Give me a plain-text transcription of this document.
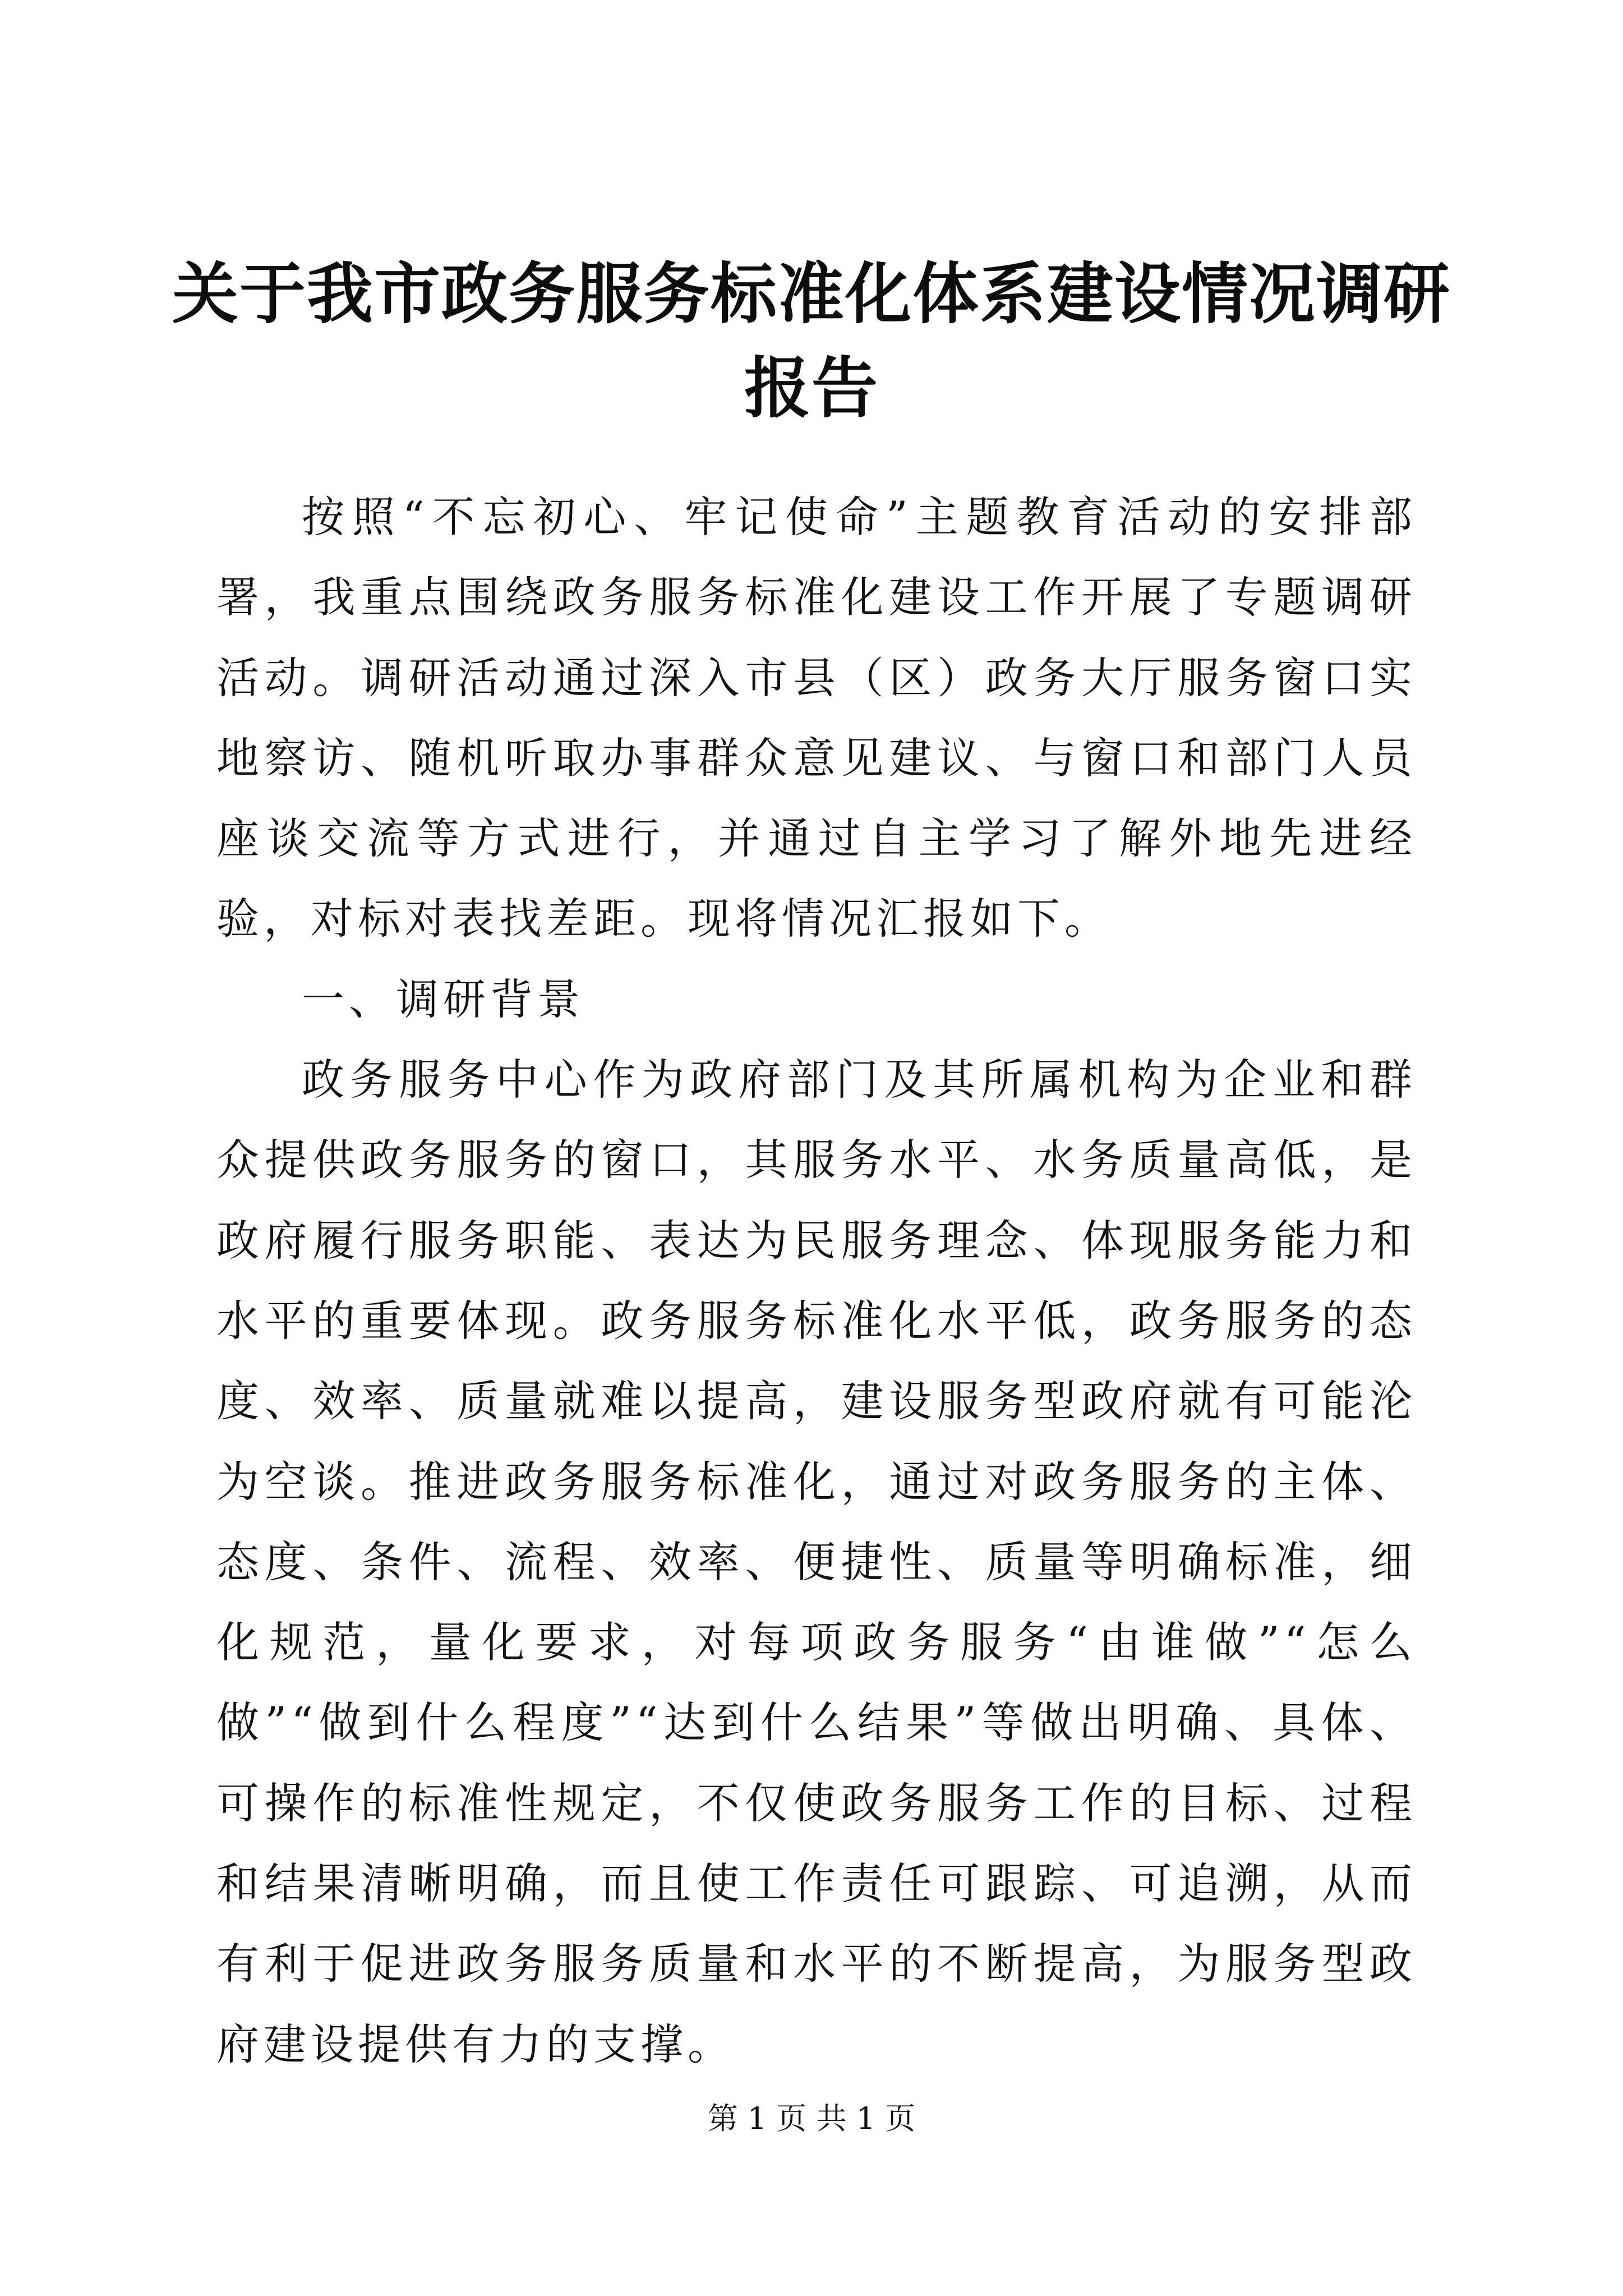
关于我市政务服务标准化体系建设情况调研报告

按照“不忘初心、牢记使命”主题教育活动的安排部署，我重点围绕政务服务标准化建设工作开展了专题调研活动。调研活动通过深入市县（区）政务大厅服务窗口实地察访、随机听取办事群众意见建议、与窗口和部门人员座谈交流等方式进行，并通过自主学习了解外地先进经验，对标对表找差距。现将情况汇报如下。

一、调研背景

政务服务中心作为政府部门及其所属机构为企业和群众提供政务服务的窗口，其服务水平、水务质量高低，是政府履行服务职能、表达为民服务理念、体现服务能力和水平的重要体现。政务服务标准化水平低，政务服务的态度、效率、质量就难以提高，建设服务型政府就有可能沦为空谈。推进政务服务标准化，通过对政务服务的主体、态度、条件、流程、效率、便捷性、质量等明确标准，细化规范，量化要求，对每项政务服务“由谁做”“怎么做”“做到什么程度”“达到什么结果”等做出明确、具体、可操作的标准性规定，不仅使政务服务工作的目标、过程和结果清晰明确，而且使工作责任可跟踪、可追溯，从而有利于促进政务服务质量和水平的不断提高，为服务型政府建设提供有力的支撑。

第 1 页 共 1 页
